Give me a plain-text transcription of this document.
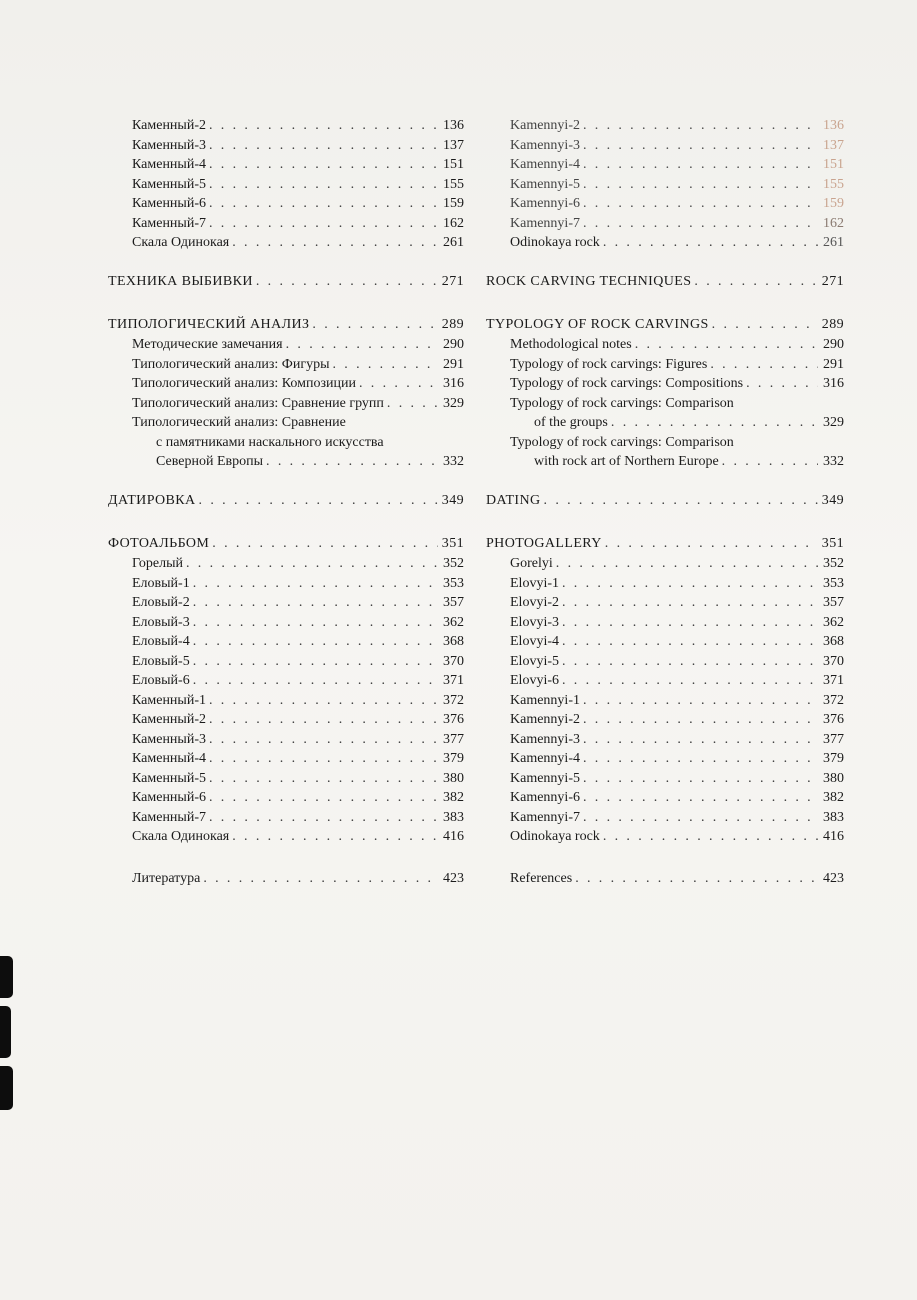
Каменный-2 . . .	136
Каменный-3 . . .	137
Каменный-4 . . .	151
Каменный-5 . . .	155
Каменный-6 . . .	159
Каменный-7 . . .	162
Скала Одинокая . . .	261
ТЕХНИКА ВЫБИВКИ . . .	271
ТИПОЛОГИЧЕСКИЙ АНАЛИЗ . . .	289
Методические замечания . . .	290
Типологический анализ: Фигуры . . .	291
Типологический анализ: Композиции . . .	316
Типологический анализ: Сравнение групп . . .	329
Типологический анализ: Сравнение
с памятниками наскального искусства
Северной Европы . . .	332
ДАТИРОВКА . . .	349
ФОТОАЛЬБОМ . . .	351
Горелый . . .	352
Еловый-1 . . .	353
Еловый-2 . . .	357
Еловый-3 . . .	362
Еловый-4 . . .	368
Еловый-5 . . .	370
Еловый-6 . . .	371
Каменный-1 . . .	372
Каменный-2 . . .	376
Каменный-3 . . .	377
Каменный-4 . . .	379
Каменный-5 . . .	380
Каменный-6 . . .	382
Каменный-7 . . .	383
Скала Одинокая . . .	416
Литература . . .	423
Kamennyi-2 . . .	136
Kamennyi-3 . . .	137
Kamennyi-4 . . .	151
Kamennyi-5 . . .	155
Kamennyi-6 . . .	159
Kamennyi-7 . . .	162
Odinokaya rock . . .	261
ROCK CARVING TECHNIQUES . . .	271
TYPOLOGY OF ROCK CARVINGS . . .	289
Methodological notes . . .	290
Typology of rock carvings: Figures . . .	291
Typology of rock carvings: Compositions . . .	316
Typology of rock carvings: Comparison
of the groups . . .	329
Typology of rock carvings: Comparison
with rock art of Northern Europe . . .	332
DATING . . .	349
PHOTOGALLERY . . .	351
Gorelyi . . .	352
Elovyi-1 . . .	353
Elovyi-2 . . .	357
Elovyi-3 . . .	362
Elovyi-4 . . .	368
Elovyi-5 . . .	370
Elovyi-6 . . .	371
Kamennyi-1 . . .	372
Kamennyi-2 . . .	376
Kamennyi-3 . . .	377
Kamennyi-4 . . .	379
Kamennyi-5 . . .	380
Kamennyi-6 . . .	382
Kamennyi-7 . . .	383
Odinokaya rock . . .	416
References . . .	423
